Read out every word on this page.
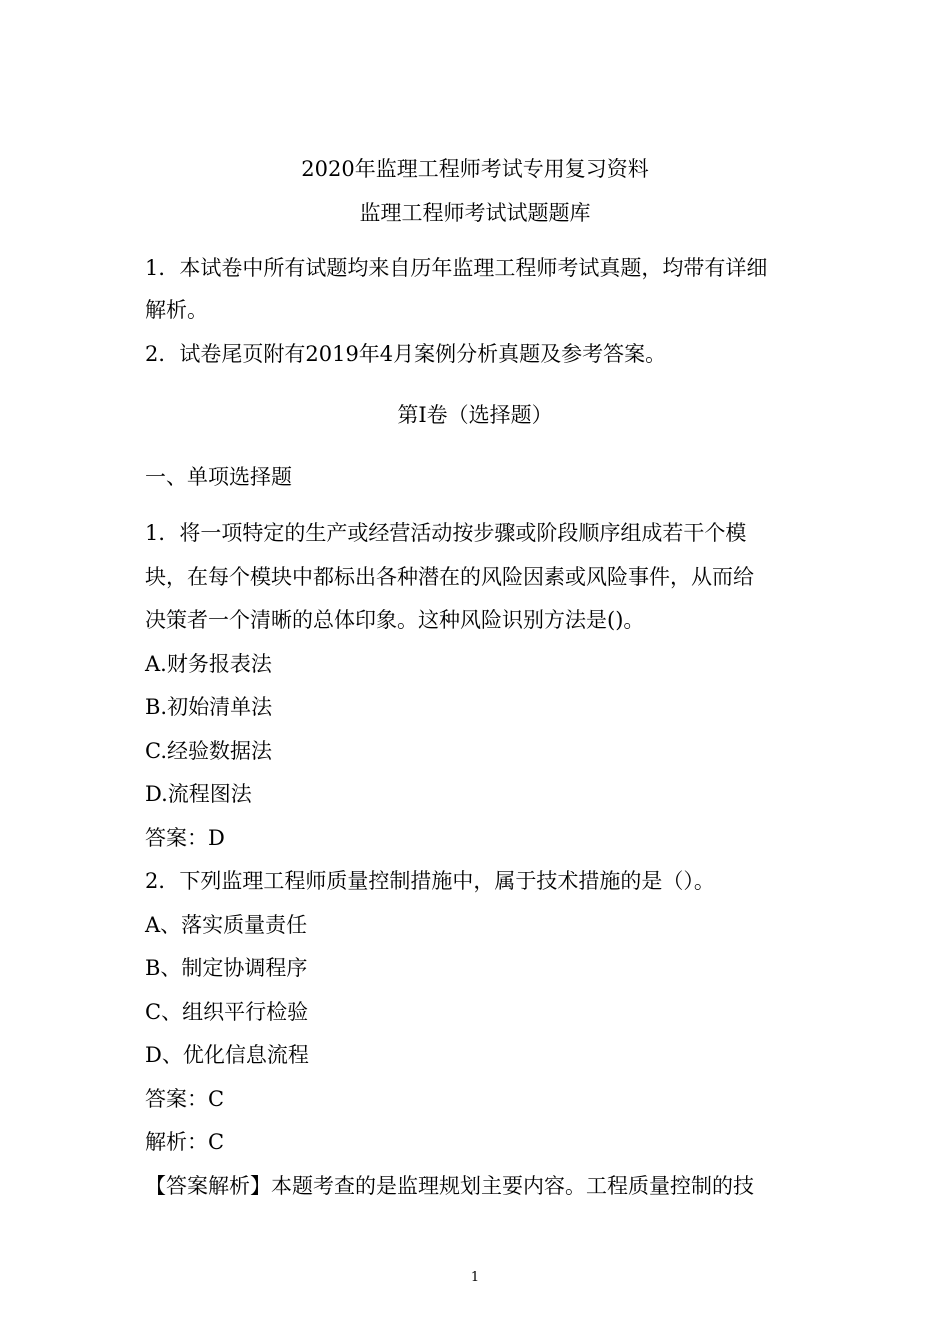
2020年监理工程师考试专用复习资料
监理工程师考试试题题库
1．本试卷中所有试题均来自历年监理工程师考试真题，均带有详细
解析。
2．试卷尾页附有2019年4月案例分析真题及参考答案。
第Ⅰ卷（选择题）
一、单项选择题
1．将一项特定的生产或经营活动按步骤或阶段顺序组成若干个模
块，在每个模块中都标出各种潜在的风险因素或风险事件，从而给
决策者一个清晰的总体印象。这种风险识别方法是()。
A.财务报表法
B.初始清单法
C.经验数据法
D.流程图法
答案：D
2．下列监理工程师质量控制措施中，属于技术措施的是（）。
A、落实质量责任
B、制定协调程序
C、组织平行检验
D、优化信息流程
答案：C
解析：C
【答案解析】本题考查的是监理规划主要内容。工程质量控制的技
1
